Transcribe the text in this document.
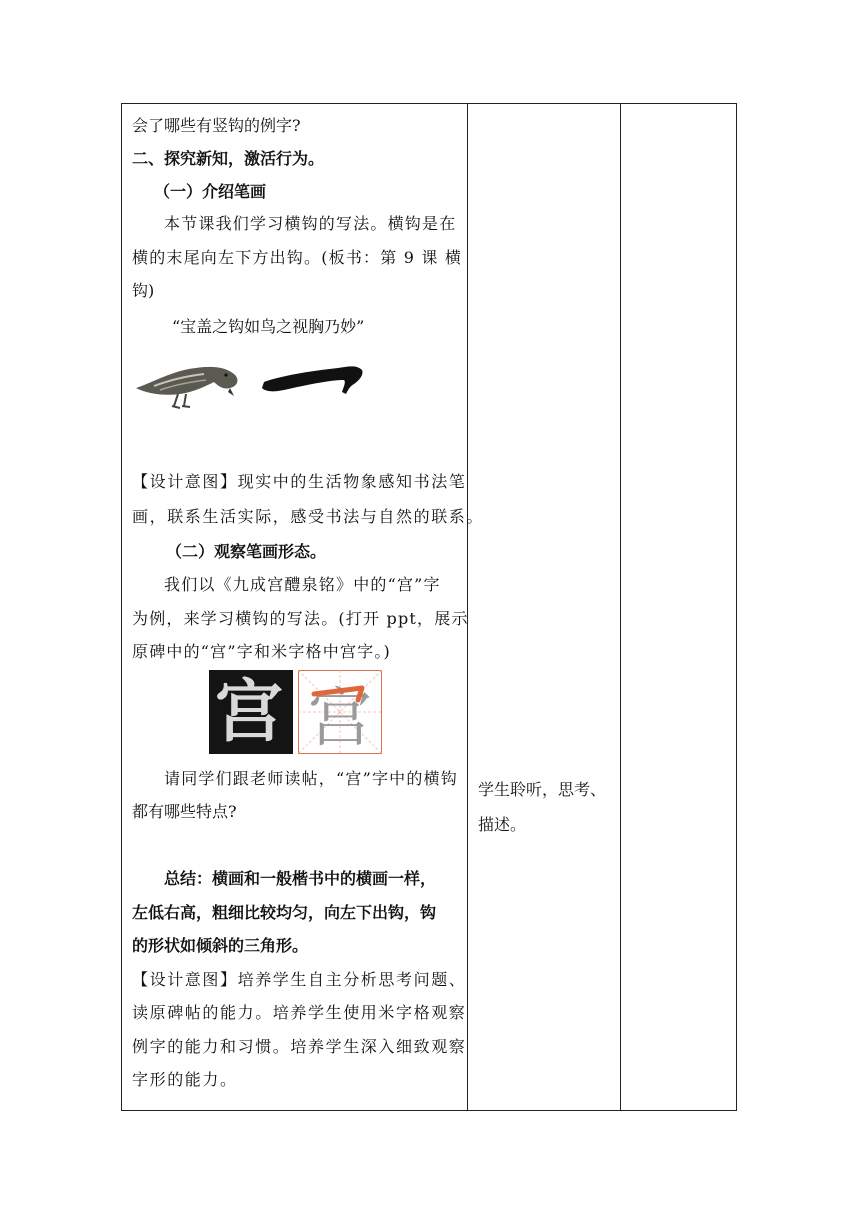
会了哪些有竖钩的例字?
二、探究新知，激活行为。
（一）介绍笔画
本节课我们学习横钩的写法。横钩是在
横的末尾向左下方出钩。(板书：第 9 课 横
钩)
“宝盖之钩如鸟之视胸乃妙”
【设计意图】现实中的生活物象感知书法笔
画，联系生活实际，感受书法与自然的联系。
（二）观察笔画形态。
我们以《九成宫醴泉铭》中的“宫”字
为例，来学习横钩的写法。(打开 ppt，展示
原碑中的“宫”字和米字格中宫字。)
宫 宫
请同学们跟老师读帖，“宫”字中的横钩
都有哪些特点?
总结：横画和一般楷书中的横画一样，
左低右高，粗细比较均匀，向左下出钩，钩
的形状如倾斜的三角形。
【设计意图】培养学生自主分析思考问题、
读原碑帖的能力。培养学生使用米字格观察
例字的能力和习惯。培养学生深入细致观察
字形的能力。
学生聆听，思考、
描述。
